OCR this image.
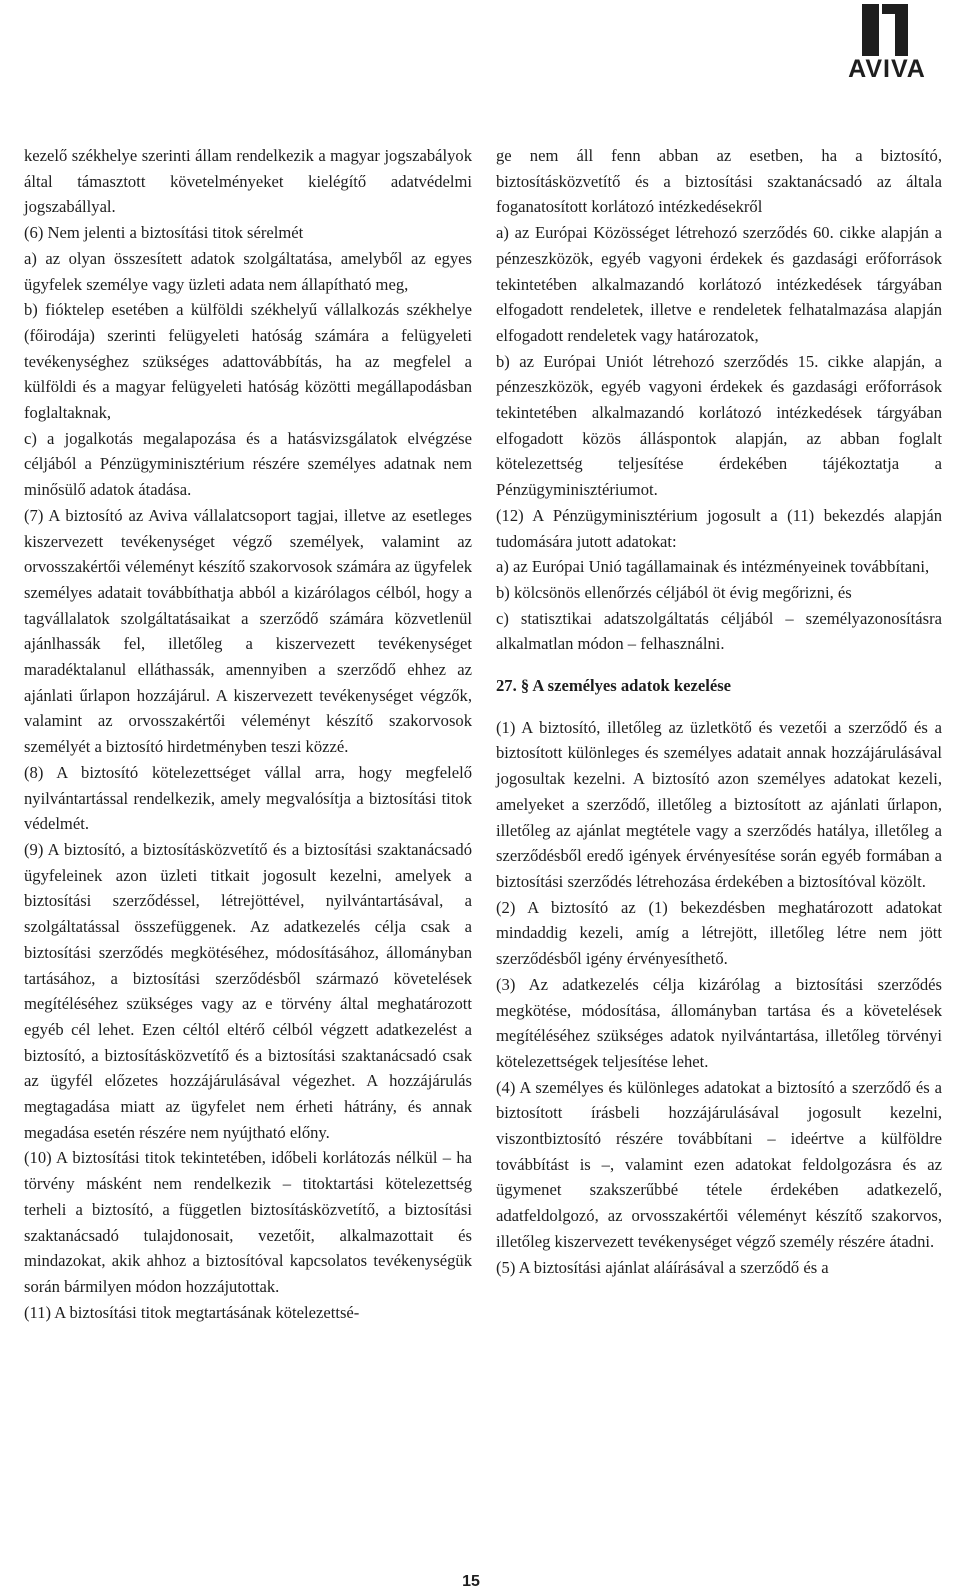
AVIVA

kezelő székhelye szerinti állam rendelkezik a magyar jogszabályok által támasztott követelményeket kielégítő adatvédelmi jogszabállyal.

(6) Nem jelenti a biztosítási titok sérelmét

a) az olyan összesített adatok szolgáltatása, amelyből az egyes ügyfelek személye vagy üzleti adata nem állapítható meg,

b) fióktelep esetében a külföldi székhelyű vállalkozás székhelye (főirodája) szerinti felügyeleti hatóság számára a felügyeleti tevékenységhez szükséges adattovábbítás, ha az megfelel a külföldi és a magyar felügyeleti hatóság közötti megállapodásban foglaltaknak,

c) a jogalkotás megalapozása és a hatásvizsgálatok elvégzése céljából a Pénzügyminisztérium részére személyes adatnak nem minősülő adatok átadása.

(7) A biztosító az Aviva vállalatcsoport tagjai, illetve az esetleges kiszervezett tevékenységet végző személyek, valamint az orvosszakértői véleményt készítő szakorvosok számára az ügyfelek személyes adatait továbbíthatja abból a kizárólagos célból, hogy a tagvállalatok szolgáltatásaikat a szerződő számára közvetlenül ajánlhassák fel, illetőleg a kiszervezett tevékenységet maradéktalanul elláthassák, amennyiben a szerződő ehhez az ajánlati űrlapon hozzájárul. A kiszervezett tevékenységet végzők, valamint az orvosszakértői véleményt készítő szakorvosok személyét a biztosító hirdetményben teszi közzé.

(8) A biztosító kötelezettséget vállal arra, hogy megfelelő nyilvántartással rendelkezik, amely megvalósítja a biztosítási titok védelmét.

(9) A biztosító, a biztosításközvetítő és a biztosítási szaktanácsadó ügyfeleinek azon üzleti titkait jogosult kezelni, amelyek a biztosítási szerződéssel, létrejöttével, nyilvántartásával, a szolgáltatással összefüggenek. Az adatkezelés célja csak a biztosítási szerződés megkötéséhez, módosításához, állományban tartásához, a biztosítási szerződésből származó követelések megítéléséhez szükséges vagy az e törvény által meghatározott egyéb cél lehet. Ezen céltól eltérő célból végzett adatkezelést a biztosító, a biztosításközvetítő és a biztosítási szaktanácsadó csak az ügyfél előzetes hozzájárulásával végezhet. A hozzájárulás megtagadása miatt az ügyfelet nem érheti hátrány, és annak megadása esetén részére nem nyújtható előny.

(10) A biztosítási titok tekintetében, időbeli korlátozás nélkül – ha törvény másként nem rendelkezik – titoktartási kötelezettség terheli a biztosító, a független biztosításközvetítő, a biztosítási szaktanácsadó tulajdonosait, vezetőit, alkalmazottait és mindazokat, akik ahhoz a biztosítóval kapcsolatos tevékenységük során bármilyen módon hozzájutottak.

(11) A biztosítási titok megtartásának kötelezettsé-

ge nem áll fenn abban az esetben, ha a biztosító, biztosításközvetítő és a biztosítási szaktanácsadó az általa foganatosított korlátozó intézkedésekről

a) az Európai Közösséget létrehozó szerződés 60. cikke alapján a pénzeszközök, egyéb vagyoni érdekek és gazdasági erőforrások tekintetében alkalmazandó korlátozó intézkedések tárgyában elfogadott rendeletek, illetve e rendeletek felhatalmazása alapján elfogadott rendeletek vagy határozatok,

b) az Európai Uniót létrehozó szerződés 15. cikke alapján, a pénzeszközök, egyéb vagyoni érdekek és gazdasági erőforrások tekintetében alkalmazandó korlátozó intézkedések tárgyában elfogadott közös álláspontok alapján, az abban foglalt kötelezettség teljesítése érdekében tájékoztatja a Pénzügyminisztériumot.

(12) A Pénzügyminisztérium jogosult a (11) bekezdés alapján tudomására jutott adatokat:

a) az Európai Unió tagállamainak és intézményeinek továbbítani,

b) kölcsönös ellenőrzés céljából öt évig megőrizni, és

c) statisztikai adatszolgáltatás céljából – személyazonosításra alkalmatlan módon – felhasználni.

27. § A személyes adatok kezelése

(1) A biztosító, illetőleg az üzletkötő és vezetői a szerződő és a biztosított különleges és személyes adatait annak hozzájárulásával jogosultak kezelni. A biztosító azon személyes adatokat kezeli, amelyeket a szerződő, illetőleg a biztosított az ajánlati űrlapon, illetőleg az ajánlat megtétele vagy a szerződés hatálya, illetőleg a szerződésből eredő igények érvényesítése során egyéb formában a biztosítási szerződés létrehozása érdekében a biztosítóval közölt.

(2) A biztosító az (1) bekezdésben meghatározott adatokat mindaddig kezeli, amíg a létrejött, illetőleg létre nem jött szerződésből igény érvényesíthető.

(3) Az adatkezelés célja kizárólag a biztosítási szerződés megkötése, módosítása, állományban tartása és a követelések megítéléséhez szükséges adatok nyilvántartása, illetőleg törvényi kötelezettségek teljesítése lehet.

(4) A személyes és különleges adatokat a biztosító a szerződő és a biztosított írásbeli hozzájárulásával jogosult kezelni, viszontbiztosító részére továbbítani – ideértve a külföldre továbbítást is –, valamint ezen adatokat feldolgozásra és az ügymenet szakszerűbbé tétele érdekében adatkezelő, adatfeldolgozó, az orvosszakértői véleményt készítő szakorvos, illetőleg kiszervezett tevékenységet végző személy részére átadni.

(5) A biztosítási ajánlat aláírásával a szerződő és a

15
